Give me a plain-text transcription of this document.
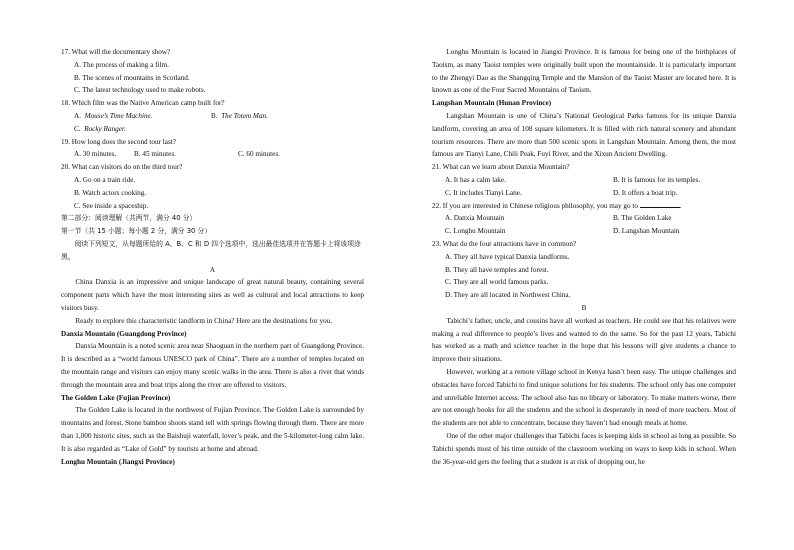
17. What will the documentary show?

A. The process of making a film.

B. The scenes of mountains in Scotland.

C. The latest technology used to make robots.

18. Which film was the Native American camp built for?

A. Mouse’s Time Machine.	B. The Totem Man.

C. Rocky Ranger.

19. How long does the second tour last?

A. 30 minutes.	B. 45 minutes.	C. 60 minutes.

20. What can visitors do on the third tour?

A. Go on a train ride.

B. Watch actors cooking.

C. See inside a spaceship.

第二部分：阅读理解（共两节，满分 40 分）

第一节（共 15 小题；每小题 2 分，满分 30 分）

阅读下列短文，从每题所给的 A、B、C 和 D 四个选项中，选出最佳选项并在答题卡上将该项涂黑。

A

China Danxia is an impressive and unique landscape of great natural beauty, containing several component parts which have the most interesting sites as well as cultural and local attractions to keep visitors busy.

Ready to explore this characteristic landform in China? Here are the destinations for you.

Danxia Mountain (Guangdong Province)

Danxia Mountain is a noted scenic area near Shaoguan in the northern part of Guangdong Province. It is described as a “world famous UNESCO park of China”. There are a number of temples located on the mountain range and visitors can enjoy many scenic walks in the area. There is also a river that winds through the mountain area and boat trips along the river are offered to visitors.

The Golden Lake (Fujian Province)

The Golden Lake is located in the northwest of Fujian Province. The Golden Lake is surrounded by mountains and forest. Stone bamboo shoots stand tell with springs flowing through them. There are more than 1,000 historic sites, such as the Baishuji waterfall, lover’s peak, and the 5-kilometer-long calm lake. It is also regarded as “Lake of Gold” by tourists at home and abroad.

Longhu Mountain (Jiangxi Province)

Longhu Mountain is located in Jiangxi Province. It is famous for being one of the birthplaces of Taoism, as many Taoist temples were originally built upon the mountainside. It is particularly important to the Zhengyi Dao as the Shangqing Temple and the Mansion of the Taoist Master are located here. It is known as one of the Four Sacred Mountains of Taoism.

Langshan Mountain (Hunan Province)

Langshan Mountain is one of China’s National Geological Parks famous for its unique Danxia landform, covering an area of 108 square kilometers. It is filled with rich natural scenery and abundant tourism resources. There are more than 500 scenic spots in Langshan Mountain. Among them, the most famous are Tianyi Lane, Chili Peak, Fuyi River, and the Xixun Ancient Dwelling.

21. What can we learn about Danxia Mountain?

A. It has a calm lake.	B. It is famous for its temples.
C. It includes Tianyi Lane.	D. It offers a boat trip.

22. If you are interested in Chinese religious philosophy, you may go to	.

A. Danxia Mountain	B. The Golden Lake
C. Longhu Mountain	D. Langshan Mountain

23. What do the four attractions have in common?

A. They all have typical Danxia landforms.

B. They all have temples and forest.

C. They are all world famous parks.

D. They are all located in Northwest China.

B

Tabichi’s father, uncle, and cousins have all worked as teachers. He could see that his relatives were making a real difference to people’s lives and wanted to do the same. So for the past 12 years, Tabichi has worked as a math and science teacher in the hope that his lessons will give students a chance to improve their situations.

However, working at a remote village school in Kenya hasn’t been easy. The unique challenges and obstacles have forced Tabichi to find unique solutions for his students. The school only has one computer and unreliable Internet access. The school also has no library or laboratory. To make matters worse, there are not enough books for all the students and the school is desperately in need of more teachers. Most of the students are not able to concentrate, because they haven’t had enough meals at home.

One of the other major challenges that Tabichi faces is keeping kids in school as long as possible. So Tabichi spends most of his time outside of the classroom working on ways to keep kids in school. When the 36-year-old gets the feeling that a student is at risk of dropping out, he
